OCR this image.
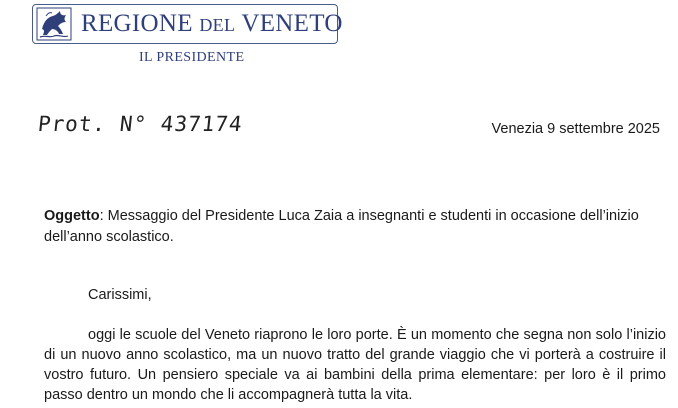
REGIONE DEL VENETO
IL PRESIDENTE
Prot. N° 437174	Venezia 9 settembre 2025
Oggetto: Messaggio del Presidente Luca Zaia a insegnanti e studenti in occasione dell’inizio dell’anno scolastico.
Carissimi,
oggi le scuole del Veneto riaprono le loro porte. È un momento che segna non solo l’inizio di un nuovo anno scolastico, ma un nuovo tratto del grande viaggio che vi porterà a costruire il vostro futuro. Un pensiero speciale va ai bambini della prima elementare: per loro è il primo passo dentro un mondo che li accompagnerà tutta la vita.
